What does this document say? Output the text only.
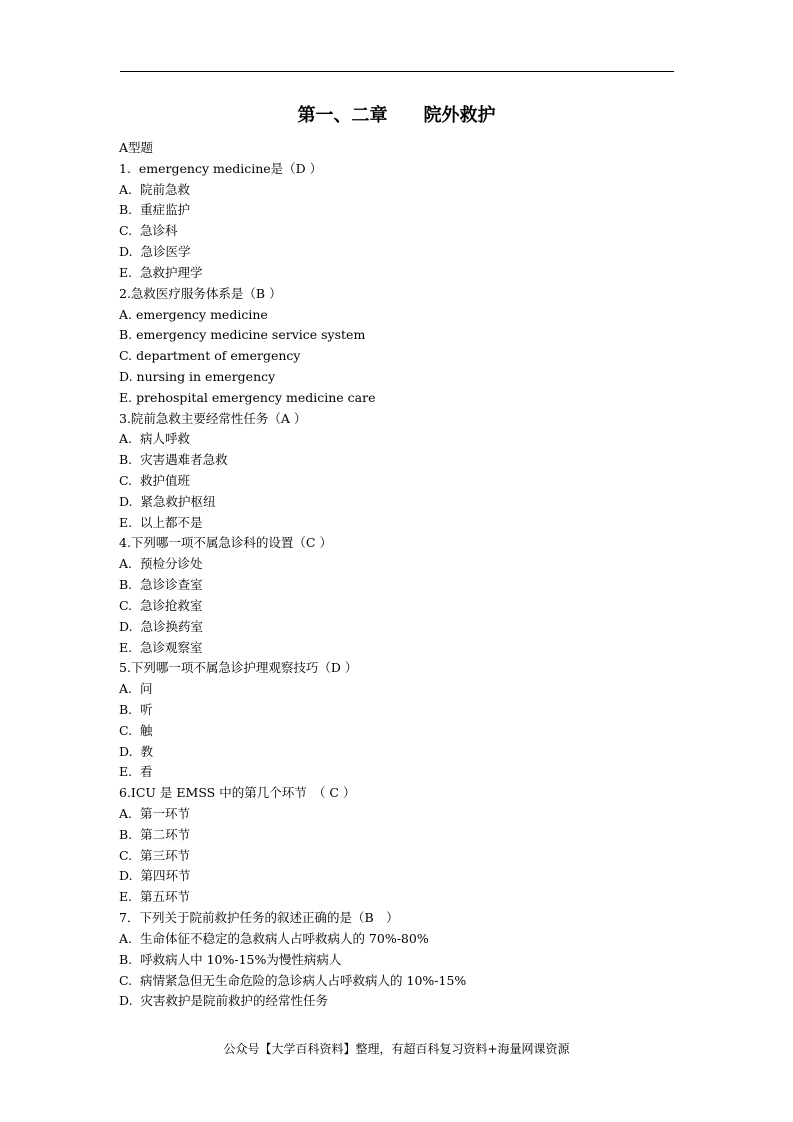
第一、二章　　院外救护
A型题
1.  emergency medicine是（D ）
A.  院前急救
B.  重症监护
C.  急诊科
D.  急诊医学
E.  急救护理学
2.急救医疗服务体系是（B ）
A. emergency medicine
B. emergency medicine service system
C. department of emergency
D. nursing in emergency
E. prehospital emergency medicine care
3.院前急救主要经常性任务（A ）
A.  病人呼救
B.  灾害遇难者急救
C.  救护值班
D.  紧急救护枢纽
E.  以上都不是
4.下列哪一项不属急诊科的设置（C ）
A.  预检分诊处
B.  急诊诊查室
C.  急诊抢救室
D.  急诊换药室
E.  急诊观察室
5.下列哪一项不属急诊护理观察技巧（D ）
A.  问
B.  听
C.  触
D.  教
E.  看
6.ICU 是 EMSS 中的第几个环节　（ C ）
A.  第一环节
B.  第二环节
C.  第三环节
D.  第四环节
E.  第五环节
7．下列关于院前救护任务的叙述正确的是（B　）
A.  生命体征不稳定的急救病人占呼救病人的 70%-80%
B.  呼救病人中 10%-15%为慢性病病人
C.  病情紧急但无生命危险的急诊病人占呼救病人的 10%-15%
D.  灾害救护是院前救护的经常性任务
公众号【大学百科资料】整理，有超百科复习资料+海量网课资源
